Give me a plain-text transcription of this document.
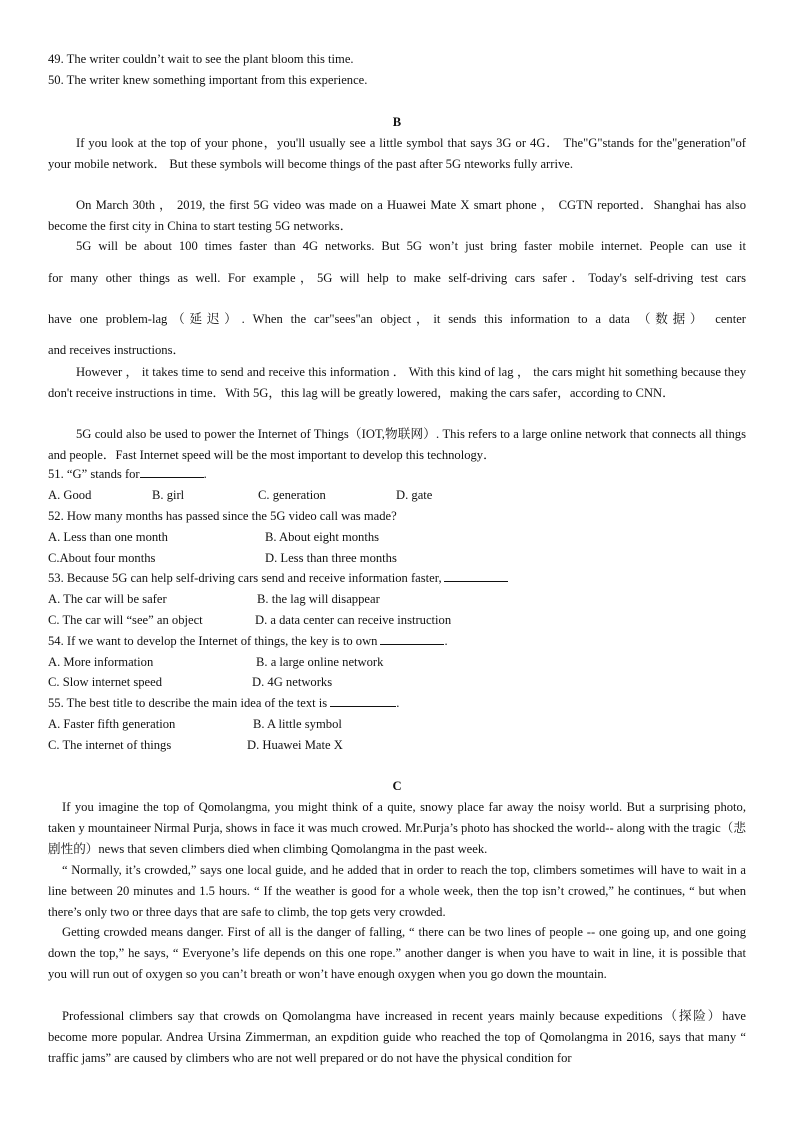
49. The writer couldn’t wait to see the plant bloom this time.
50. The writer knew something important from this experience.
B
If you look at the top of your phone，you'll usually see a little symbol that says 3G or 4G． The"G"stands for the"generation"of your mobile network． But these symbols will become things of the past after 5G nteworks fully arrive.
On March 30th ， 2019, the first 5G video was made on a Huawei Mate X smart phone ， CGTN reported．Shanghai has also become the first city in China to start testing 5G networks．
5G will be about 100 times faster than 4G networks. But 5G won’t just bring faster mobile internet. People can use it
for many other things as well. For example，5G will help to make self-driving cars safer．Today's self-driving test cars
have one problem-lag（延迟）. When the car"sees"an object，it sends this information to a data （数据） center
and receives instructions．
However ， it takes time to send and receive this information ． With this kind of lag ， the cars might hit something because they don't receive instructions in time．With 5G，this lag will be greatly lowered，making the cars safer，according to CNN．
5G could also be used to power the Internet of Things（IOT,物联网）. This refers to a large online network that connects all things and people．Fast Internet speed will be the most important to develop this technology．
51. “G” stands for	.
A. Good	B. girl	C. generation	D. gate
52. How many months has passed since the 5G video call was made?
A. Less than one month	B. About eight months
C.About four months	D. Less than three months
53. Because 5G can help self-driving cars send and receive information faster,
A. The car will be safer	B. the lag will disappear
C. The car will “see” an object	D. a data center can receive instruction
54. If we want to develop the Internet of things, the key is to own	.
A. More information	B. a large online network
C. Slow internet speed	D. 4G networks
55. The best title to describe the main idea of the text is	.
A. Faster fifth generation	B. A little symbol
C. The internet of things	D. Huawei Mate X
C
If you imagine the top of Qomolangma, you might think of a quite, snowy place far away the noisy world. But a surprising photo, taken y mountaineer Nirmal Purja, shows in face it was much crowed. Mr.Purja’s photo has shocked the world-- along with the tragic（悲剧性的）news that seven climbers died when climbing Qomolangma in the past week.
“ Normally, it’s crowded,” says one local guide, and he added that in order to reach the top, climbers sometimes will have to wait in a line between 20 minutes and 1.5 hours. “ If the weather is good for a whole week, then the top isn’t crowed,” he continues, “ but when there’s only two or three days that are safe to climb, the top gets very crowded.
Getting crowded means danger. First of all is the danger of falling, “ there can be two lines of people -- one going up, and one going down the top,” he says, “ Everyone’s life depends on this one rope.” another danger is when you have to wait in line, it is possible that you will run out of oxygen so you can’t breath or won’t have enough oxygen when you go down the mountain.
Professional climbers say that crowds on Qomolangma have increased in recent years mainly because expeditions（探险）have become more popular. Andrea Ursina Zimmerman, an expdition guide who reached the top of Qomolangma in 2016, says that many “ traffic jams” are caused by climbers who are not well prepared or do not have the physical condition for
